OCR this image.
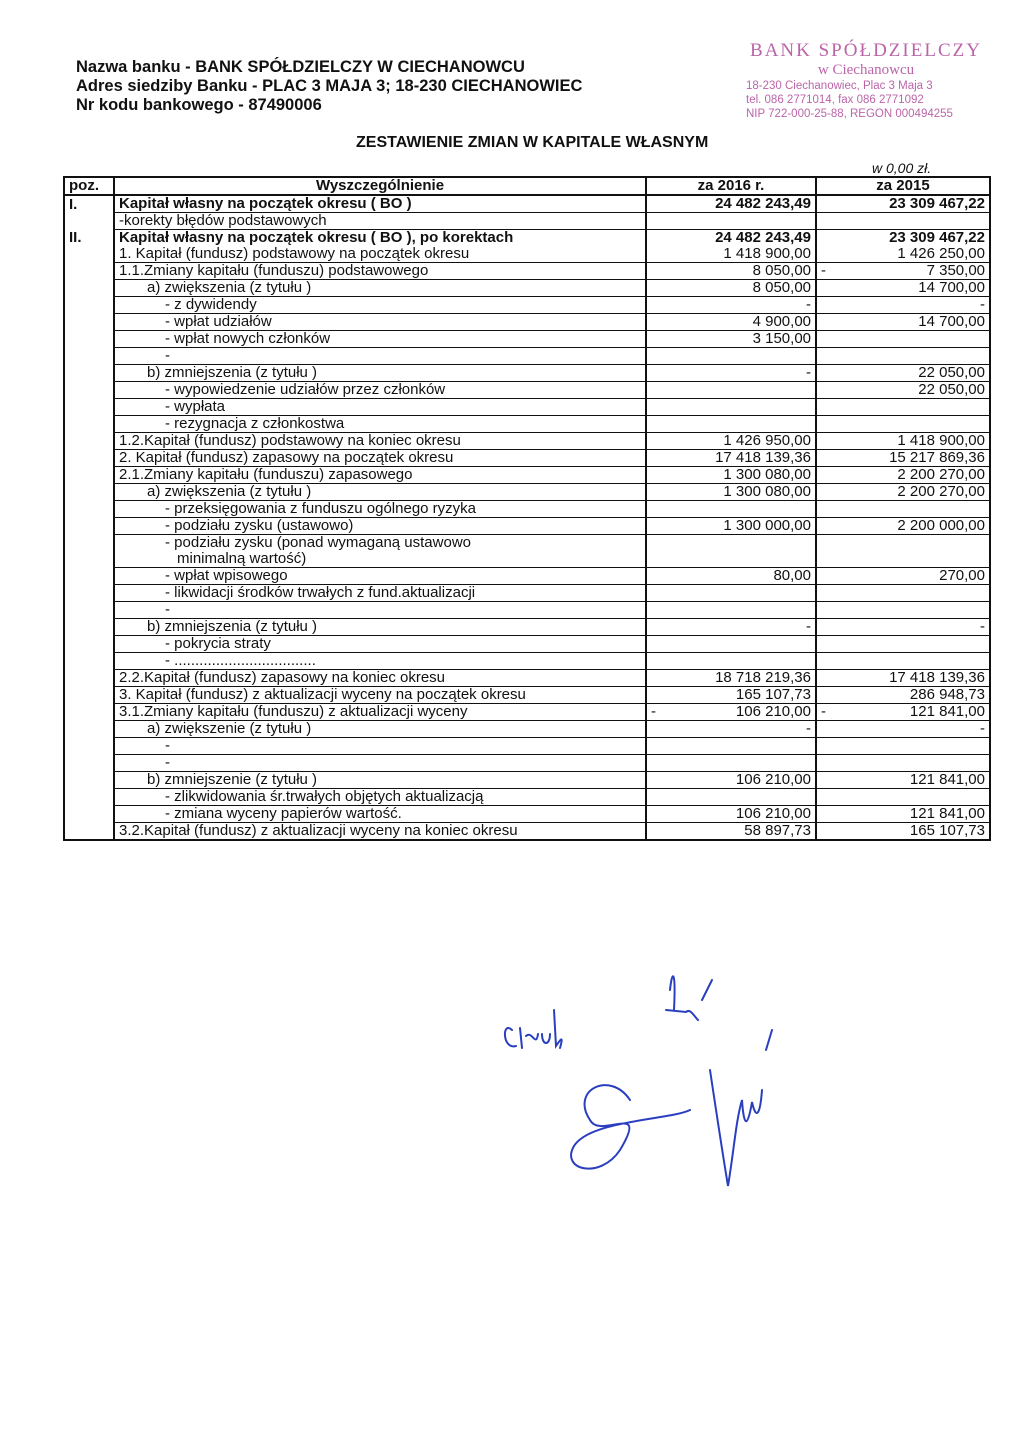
Nazwa banku - BANK SPÓŁDZIELCZY W CIECHANOWCU
Adres siedziby Banku - PLAC 3 MAJA 3; 18-230 CIECHANOWIEC
Nr kodu bankowego - 87490006
BANK SPÓŁDZIELCZY
w Ciechanowcu
18-230 Ciechanowiec, Plac 3 Maja 3
tel. 086 2771014, fax 086 2771092
NIP 722-000-25-88, REGON 000494255
ZESTAWIENIE ZMIAN W KAPITALE WŁASNYM
w 0,00 zł.
poz.	Wyszczególnienie	za 2016 r.	za 2015
I.	Kapitał własny na początek okresu ( BO )	24 482 243,49	23 309 467,22
	-korekty błędów podstawowych		
II.	Kapitał własny na początek okresu ( BO ), po korektach	24 482 243,49	23 309 467,22
	1. Kapitał (fundusz) podstawowy na początek okresu	1 418 900,00	1 426 250,00
	1.1.Zmiany kapitału (funduszu) podstawowego	8 050,00	- 7 350,00
	a) zwiększenia (z tytułu )	8 050,00	14 700,00
	- z dywidendy	-	-
	- wpłat udziałów	4 900,00	14 700,00
	- wpłat nowych członków	3 150,00	
	-		
	b) zmniejszenia (z tytułu )	-	22 050,00
	- wypowiedzenie udziałów przez członków		22 050,00
	- wypłata		
	- rezygnacja z członkostwa		
	1.2.Kapitał (fundusz) podstawowy na koniec okresu	1 426 950,00	1 418 900,00
	2. Kapitał (fundusz) zapasowy na początek okresu	17 418 139,36	15 217 869,36
	2.1.Zmiany kapitału (funduszu) zapasowego	1 300 080,00	2 200 270,00
	a) zwiększenia (z tytułu )	1 300 080,00	2 200 270,00
	- przeksięgowania z funduszu ogólnego ryzyka		
	- podziału zysku (ustawowo)	1 300 000,00	2 200 000,00
	- podziału zysku (ponad wymaganą ustawowo		
	minimalną wartość)		
	- wpłat wpisowego	80,00	270,00
	- likwidacji środków trwałych z fund.aktualizacji		
	-		
	b) zmniejszenia (z tytułu )	-	-
	- pokrycia straty		
	- ..................................		
	2.2.Kapitał (fundusz) zapasowy na koniec okresu	18 718 219,36	17 418 139,36
	3. Kapitał (fundusz) z aktualizacji wyceny na początek okresu	165 107,73	286 948,73
	3.1.Zmiany kapitału (funduszu) z aktualizacji wyceny	- 106 210,00	- 121 841,00
	a) zwiększenie (z tytułu )	-	-
	-		
	-		
	b) zmniejszenie (z tytułu )	106 210,00	121 841,00
	- zlikwidowania śr.trwałych objętych aktualizacją		
	- zmiana wyceny papierów wartość.	106 210,00	121 841,00
	3.2.Kapitał (fundusz) z aktualizacji wyceny na koniec okresu	58 897,73	165 107,73
